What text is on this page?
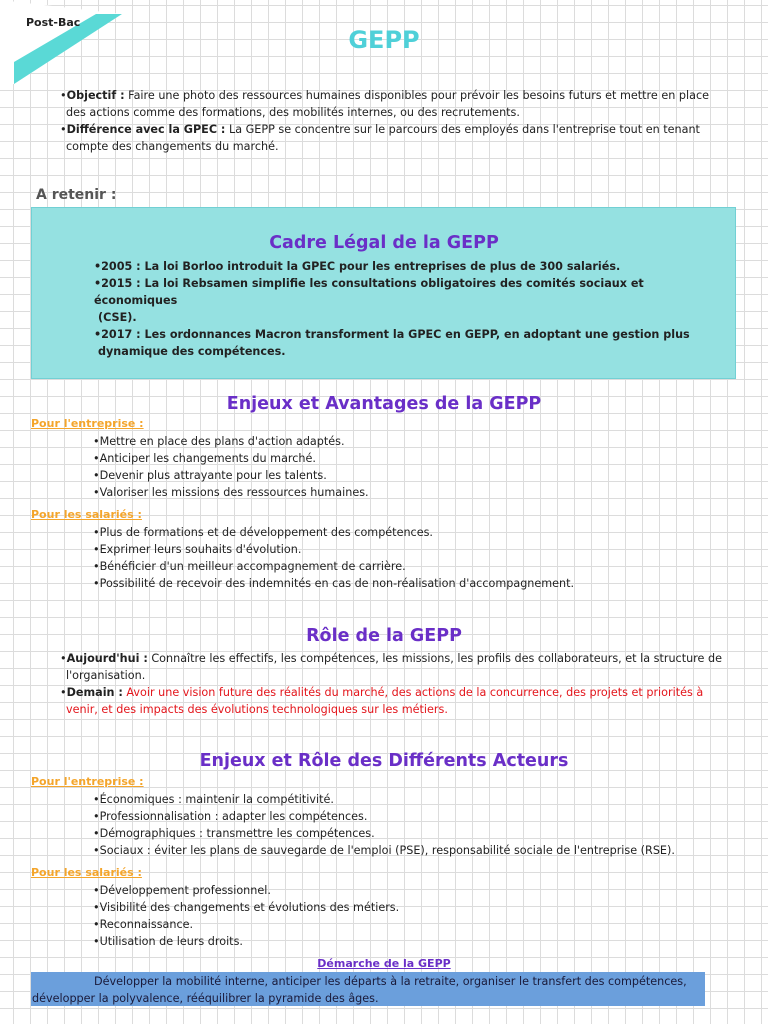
Post-Bac
GEPP

•Objectif : Faire une photo des ressources humaines disponibles pour prévoir les besoins futurs et mettre en place

des actions comme des formations, des mobilités internes, ou des recrutements.

•Différence avec la GPEC : La GEPP se concentre sur le parcours des employés dans l'entreprise tout en tenant

compte des changements du marché.

A retenir :
Cadre Légal de la GEPP

•2005 : La loi Borloo introduit la GPEC pour les entreprises de plus de 300 salariés.

•2015 : La loi Rebsamen simplifie les consultations obligatoires des comités sociaux et économiques

(CSE).

•2017 : Les ordonnances Macron transforment la GPEC en GEPP, en adoptant une gestion plus

dynamique des compétences.

Enjeux et Avantages de la GEPP
Pour l'entreprise :

•Mettre en place des plans d'action adaptés.

•Anticiper les changements du marché.

•Devenir plus attrayante pour les talents.

•Valoriser les missions des ressources humaines.

Pour les salariés :

•Plus de formations et de développement des compétences.

•Exprimer leurs souhaits d'évolution.

•Bénéficier d'un meilleur accompagnement de carrière.

•Possibilité de recevoir des indemnités en cas de non-réalisation d'accompagnement.

Rôle de la GEPP

•Aujourd'hui : Connaître les effectifs, les compétences, les missions, les profils des collaborateurs, et la structure de

l'organisation.

•Demain : Avoir une vision future des réalités du marché, des actions de la concurrence, des projets et priorités à

venir, et des impacts des évolutions technologiques sur les métiers.

Enjeux et Rôle des Différents Acteurs
Pour l'entreprise :

•Économiques : maintenir la compétitivité.

•Professionnalisation : adapter les compétences.

•Démographiques : transmettre les compétences.

•Sociaux : éviter les plans de sauvegarde de l'emploi (PSE), responsabilité sociale de l'entreprise (RSE).

Pour les salariés :

•Développement professionnel.

•Visibilité des changements et évolutions des métiers.

•Reconnaissance.

•Utilisation de leurs droits.

Démarche de la GEPP
Développer la mobilité interne, anticiper les départs à la retraite, organiser le transfert des compétences, développer la polyvalence, rééquilibrer la pyramide des âges.
